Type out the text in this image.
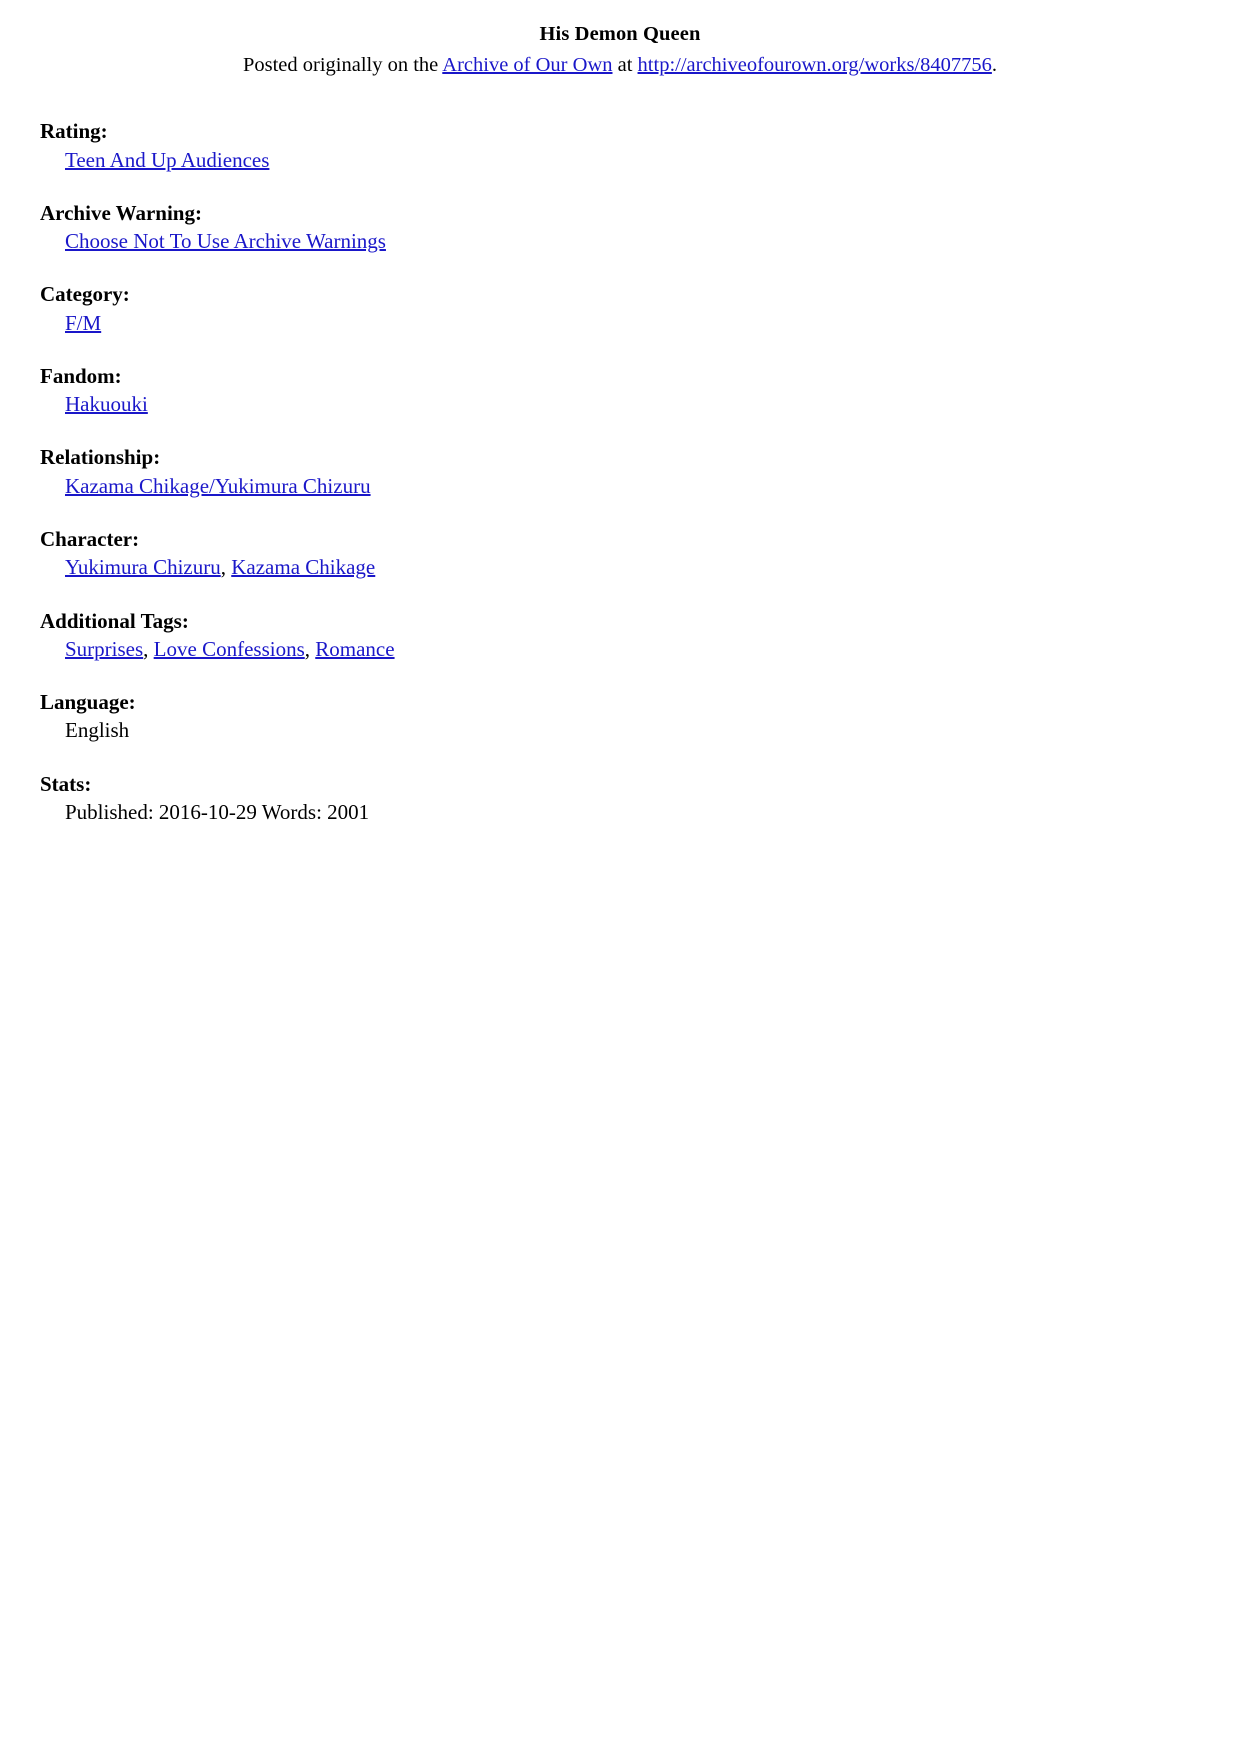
His Demon Queen

Posted originally on the Archive of Our Own at http://archiveofourown.org/works/8407756.

Rating:
Teen And Up Audiences
Archive Warning:
Choose Not To Use Archive Warnings
Category:
F/M
Fandom:
Hakuouki
Relationship:
Kazama Chikage/Yukimura Chizuru
Character:
Yukimura Chizuru, Kazama Chikage
Additional Tags:
Surprises, Love Confessions, Romance
Language:
English
Stats:
Published: 2016-10-29 Words: 2001
